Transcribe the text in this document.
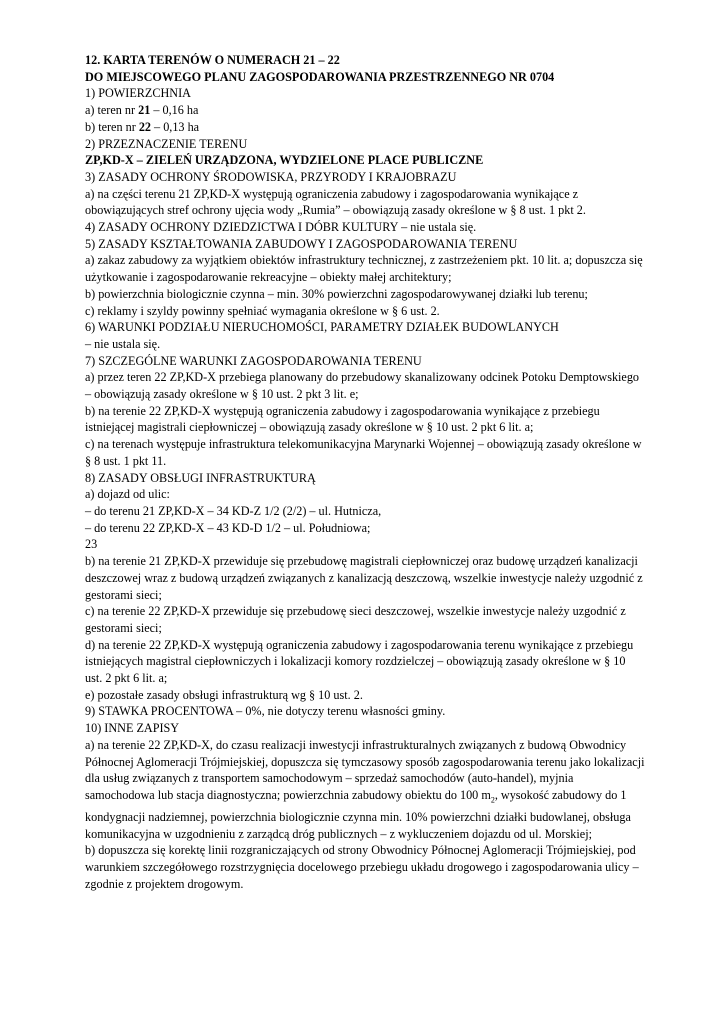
12. KARTA TERENÓW O NUMERACH 21 – 22

DO MIEJSCOWEGO PLANU ZAGOSPODAROWANIA PRZESTRZENNEGO NR 0704

1) POWIERZCHNIA

a) teren nr 21 – 0,16 ha

b) teren nr 22 – 0,13 ha

2) PRZEZNACZENIE TERENU

ZP,KD-X – ZIELEŃ URZĄDZONA, WYDZIELONE PLACE PUBLICZNE

3) ZASADY OCHRONY ŚRODOWISKA, PRZYRODY I KRAJOBRAZU

a) na części terenu 21 ZP,KD-X występują ograniczenia zabudowy i zagospodarowania wynikające z obowiązujących stref ochrony ujęcia wody „Rumia” – obowiązują zasady określone w § 8 ust. 1 pkt 2.

4) ZASADY OCHRONY DZIEDZICTWA I DÓBR KULTURY – nie ustala się.

5) ZASADY KSZTAŁTOWANIA ZABUDOWY I ZAGOSPODAROWANIA TERENU

a) zakaz zabudowy za wyjątkiem obiektów infrastruktury technicznej, z zastrzeżeniem pkt. 10 lit. a; dopuszcza się użytkowanie i zagospodarowanie rekreacyjne – obiekty małej architektury;

b) powierzchnia biologicznie czynna – min. 30% powierzchni zagospodarowywanej działki lub terenu;

c) reklamy i szyldy powinny spełniać wymagania określone w § 6 ust. 2.

6) WARUNKI PODZIAŁU NIERUCHOMOŚCI, PARAMETRY DZIAŁEK BUDOWLANYCH

– nie ustala się.

7) SZCZEGÓLNE WARUNKI ZAGOSPODAROWANIA TERENU

a) przez teren 22 ZP,KD-X przebiega planowany do przebudowy skanalizowany odcinek Potoku Demptowskiego – obowiązują zasady określone w § 10 ust. 2 pkt 3 lit. e;

b) na terenie 22 ZP,KD-X występują ograniczenia zabudowy i zagospodarowania wynikające z przebiegu istniejącej magistrali ciepłowniczej – obowiązują zasady określone w § 10 ust. 2 pkt 6 lit. a;

c) na terenach występuje infrastruktura telekomunikacyjna Marynarki Wojennej – obowiązują zasady określone w § 8 ust. 1 pkt 11.

8) ZASADY OBSŁUGI INFRASTRUKTURĄ

a) dojazd od ulic:

– do terenu 21 ZP,KD-X – 34 KD-Z 1/2 (2/2) – ul. Hutnicza,

– do terenu 22 ZP,KD-X – 43 KD-D 1/2 – ul. Południowa;

23

b) na terenie 21 ZP,KD-X przewiduje się przebudowę magistrali ciepłowniczej oraz budowę urządzeń kanalizacji deszczowej wraz z budową urządzeń związanych z kanalizacją deszczową, wszelkie inwestycje należy uzgodnić z gestorami sieci;

c) na terenie 22 ZP,KD-X przewiduje się przebudowę sieci deszczowej, wszelkie inwestycje należy uzgodnić z gestorami sieci;

d) na terenie 22 ZP,KD-X występują ograniczenia zabudowy i zagospodarowania terenu wynikające z przebiegu istniejących magistral ciepłowniczych i lokalizacji komory rozdzielczej – obowiązują zasady określone w § 10 ust. 2 pkt 6 lit. a;

e) pozostałe zasady obsługi infrastrukturą wg § 10 ust. 2.

9) STAWKA PROCENTOWA – 0%, nie dotyczy terenu własności gminy.

10) INNE ZAPISY

a) na terenie 22 ZP,KD-X, do czasu realizacji inwestycji infrastrukturalnych związanych z budową Obwodnicy Północnej Aglomeracji Trójmiejskiej, dopuszcza się tymczasowy sposób zagospodarowania terenu jako lokalizacji dla usług związanych z transportem samochodowym – sprzedaż samochodów (auto-handel), myjnia samochodowa lub stacja diagnostyczna; powierzchnia zabudowy obiektu do 100 $m_2$, wysokość zabudowy do 1 kondygnacji nadziemnej, powierzchnia biologicznie czynna min. 10% powierzchni działki budowlanej, obsługa komunikacyjna w uzgodnieniu z zarządcą dróg publicznych – z wykluczeniem dojazdu od ul. Morskiej;

b) dopuszcza się korektę linii rozgraniczających od strony Obwodnicy Północnej Aglomeracji Trójmiejskiej, pod warunkiem szczegółowego rozstrzygnięcia docelowego przebiegu układu drogowego i zagospodarowania ulicy – zgodnie z projektem drogowym.
